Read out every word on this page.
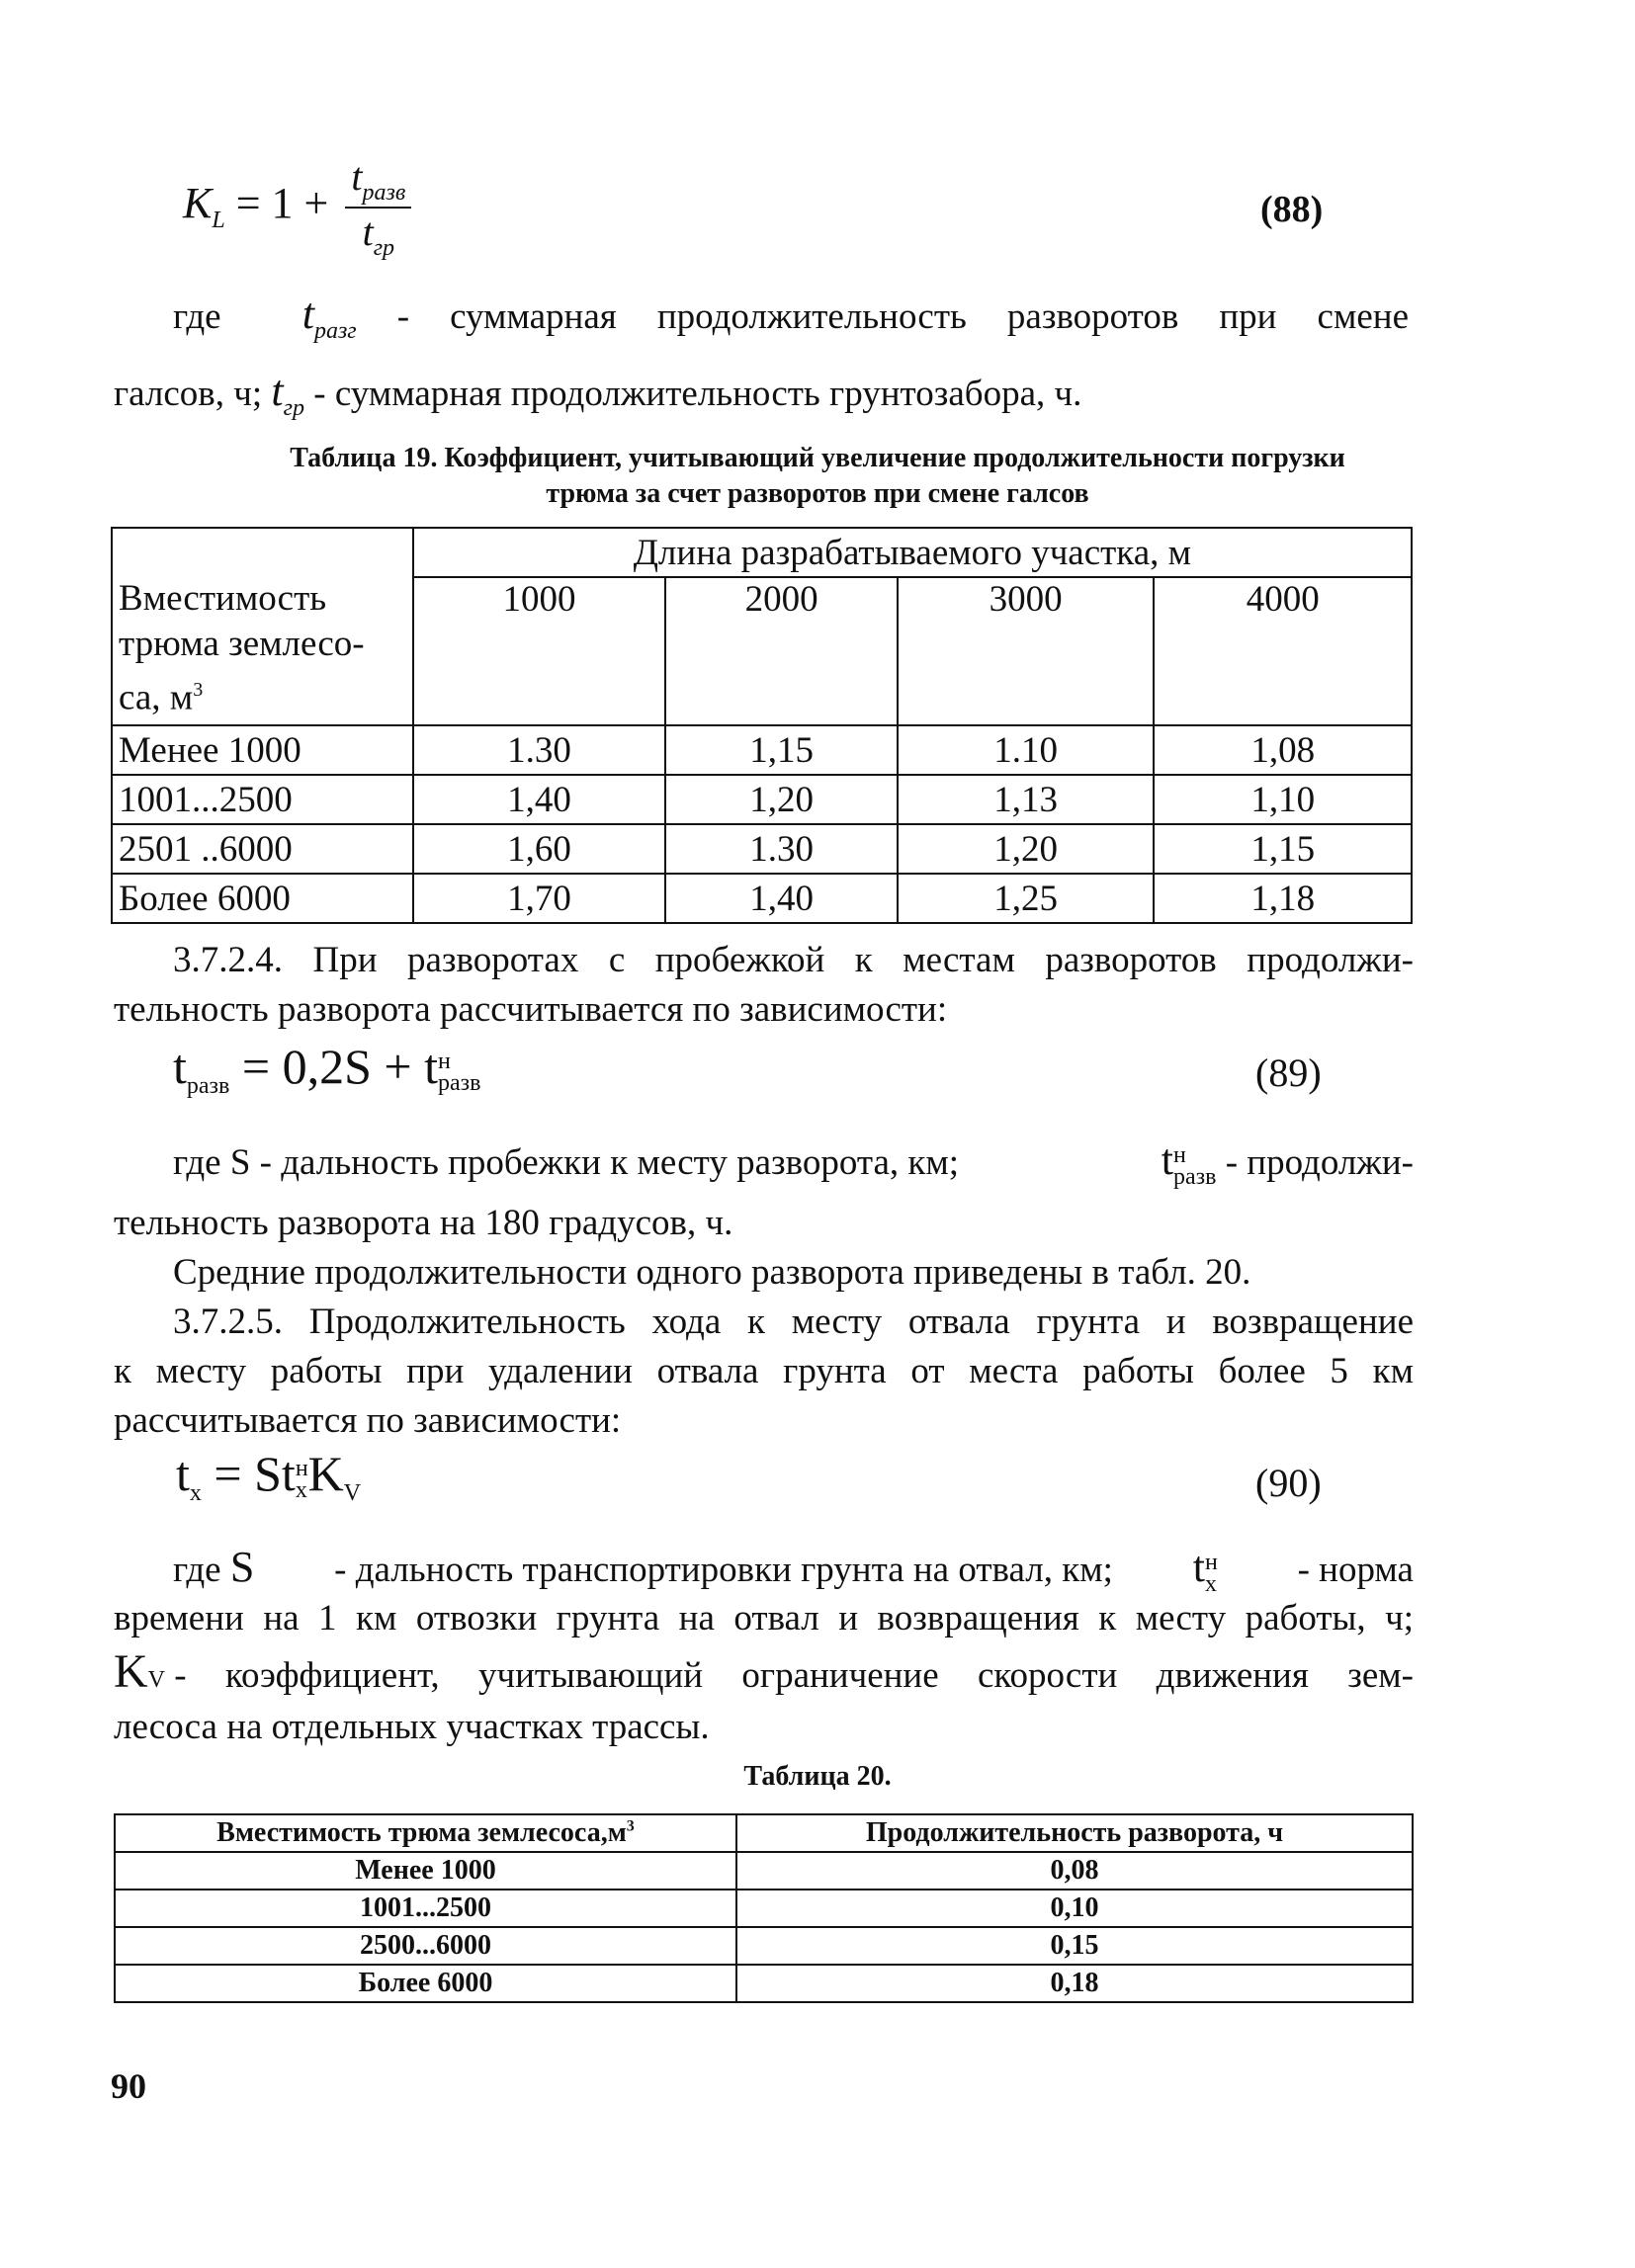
$K_L = 1 + \frac{t_{разв}}{t_{гр}}$	(88)
где $t_{разг}$ - суммарная продолжительность разворотов при смене
галсов, ч; $t_{гр}$ - суммарная продолжительность грунтозабора, ч.
Таблица 19. Коэффициент, учитывающий увеличение продолжительности погрузки
трюма за счет разворотов при смене галсов
Вместимость трюма землесо-са, $м^3$	Длина разрабатываемого участка, м			
	1000	2000	3000	4000
Менее 1000	1.30	1,15	1.10	1,08
1001...2500	1,40	1,20	1,13	1,10
2501 ..6000	1,60	1.30	1,20	1,15
Более 6000	1,70	1,40	1,25	1,18
3.7.2.4. При разворотах с пробежкой к местам разворотов продолжи-
тельность разворота рассчитывается по зависимости:
$t_{разв} = 0,2S + t$ н
разв	(89)
где S - дальность пробежки к месту разворота, км;	t н
разв - продолжи-
тельность разворота на 180 градусов, ч.
Средние продолжительности одного разворота приведены в табл. 20.
3.7.2.5. Продолжительность хода к месту отвала грунта и возвращение
к месту работы при удалении отвала грунта от места работы более 5 км
рассчитывается по зависимости:
$t_х = St$ н
х $K_V$	(90)
где S - дальность транспортировки грунта на отвал, км; t н
х - норма
времени на 1 км отвозки грунта на отвал и возвращения к месту работы, ч;
K V
- коэффициент, учитывающий ограничение скорости движения зем-
лесоса на отдельных участках трассы.
Таблица 20.
Вместимость трюма $землесоса,м^3$	Продолжительность разворота, ч
Менее 1000	0,08
1001...2500	0,10
2500...6000	0,15
Более 6000	0,18
90
